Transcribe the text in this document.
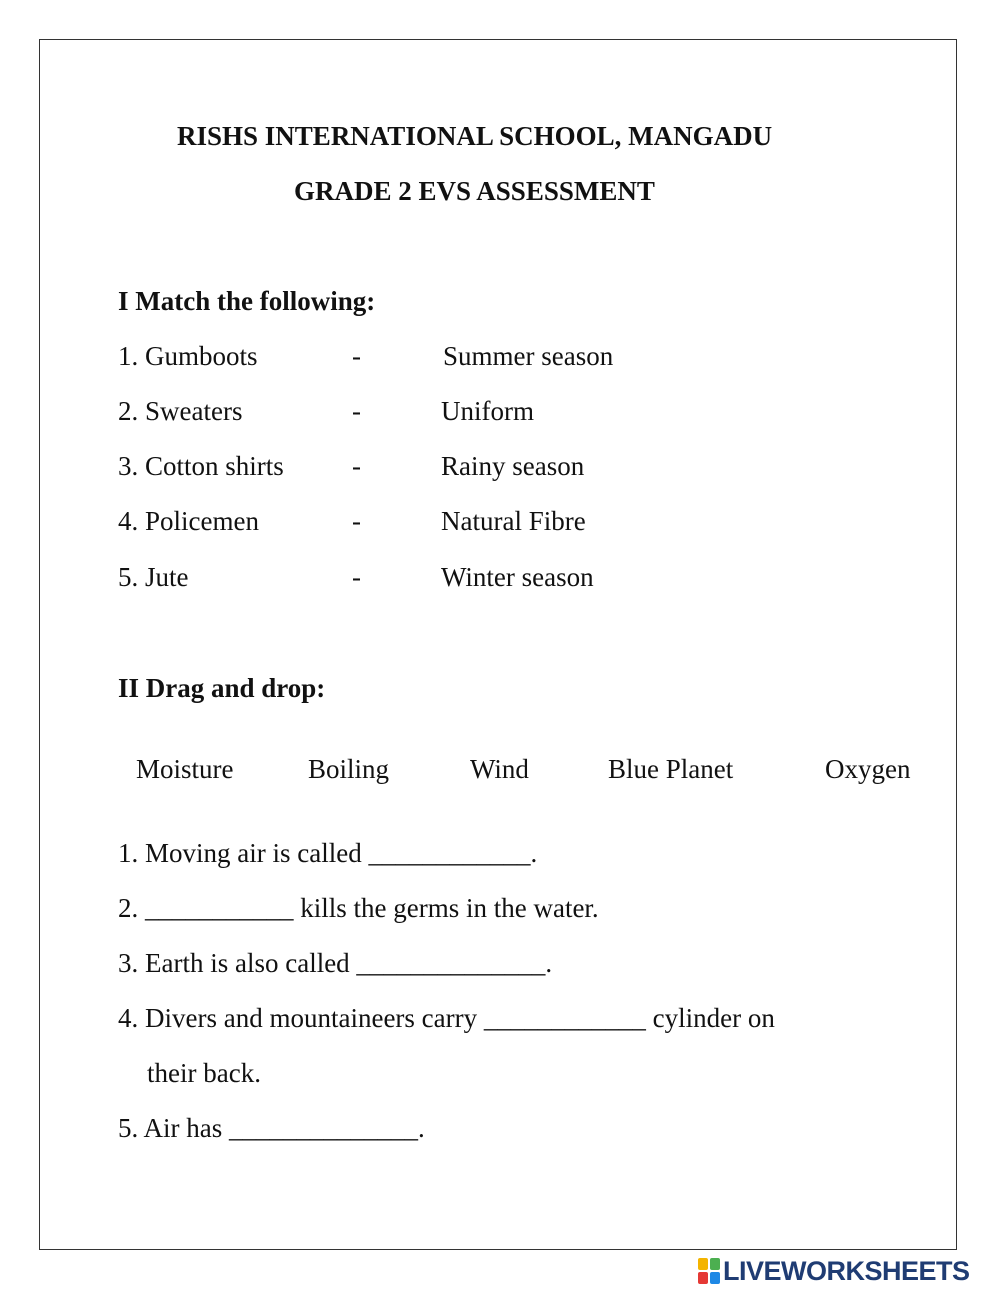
RISHS INTERNATIONAL SCHOOL, MANGADU
GRADE 2 EVS ASSESSMENT
I Match the following:
1. Gumboots	-	Summer season
2. Sweaters	-	Uniform
3. Cotton shirts	-	Rainy season
4. Policemen	-	Natural Fibre
5. Jute	-	Winter season
II Drag and drop:
Moisture	Boiling	Wind	Blue Planet	Oxygen
1. Moving air is called ____________.
2. ___________ kills the germs in the water.
3. Earth is also called ______________.
4. Divers and mountaineers carry ____________ cylinder on
their back.
5. Air has ______________.
LIVEWORKSHEETS
